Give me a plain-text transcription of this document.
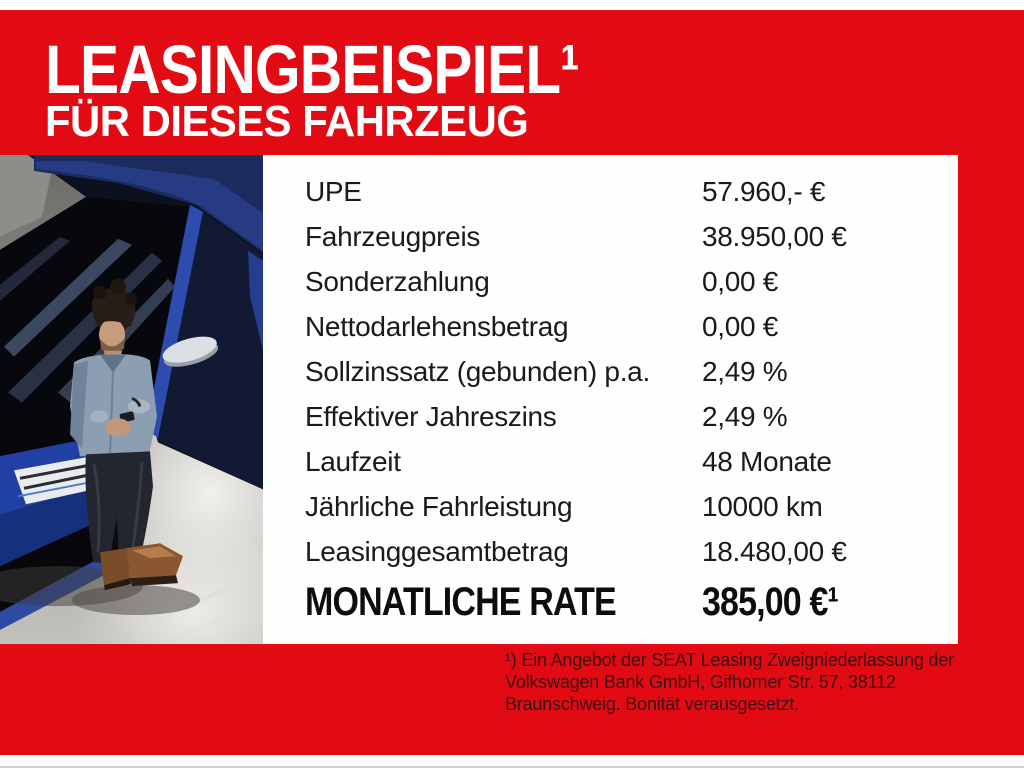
LEASINGBEISPIEL¹
FÜR DIESES FAHRZEUG
UPE	57.960,- €
Fahrzeugpreis	38.950,00 €
Sonderzahlung	0,00 €
Nettodarlehensbetrag	0,00 €
Sollzinssatz (gebunden) p.a.	2,49 %
Effektiver Jahreszins	2,49 %
Laufzeit	48 Monate
Jährliche Fahrleistung	10000 km
Leasinggesamtbetrag	18.480,00 €
MONATLICHE RATE	385,00 €¹
¹) Ein Angebot der SEAT Leasing Zweigniederlassung der
Volkswagen Bank GmbH, Gifhorner Str. 57, 38112
Braunschweig. Bonität verausgesetzt.
